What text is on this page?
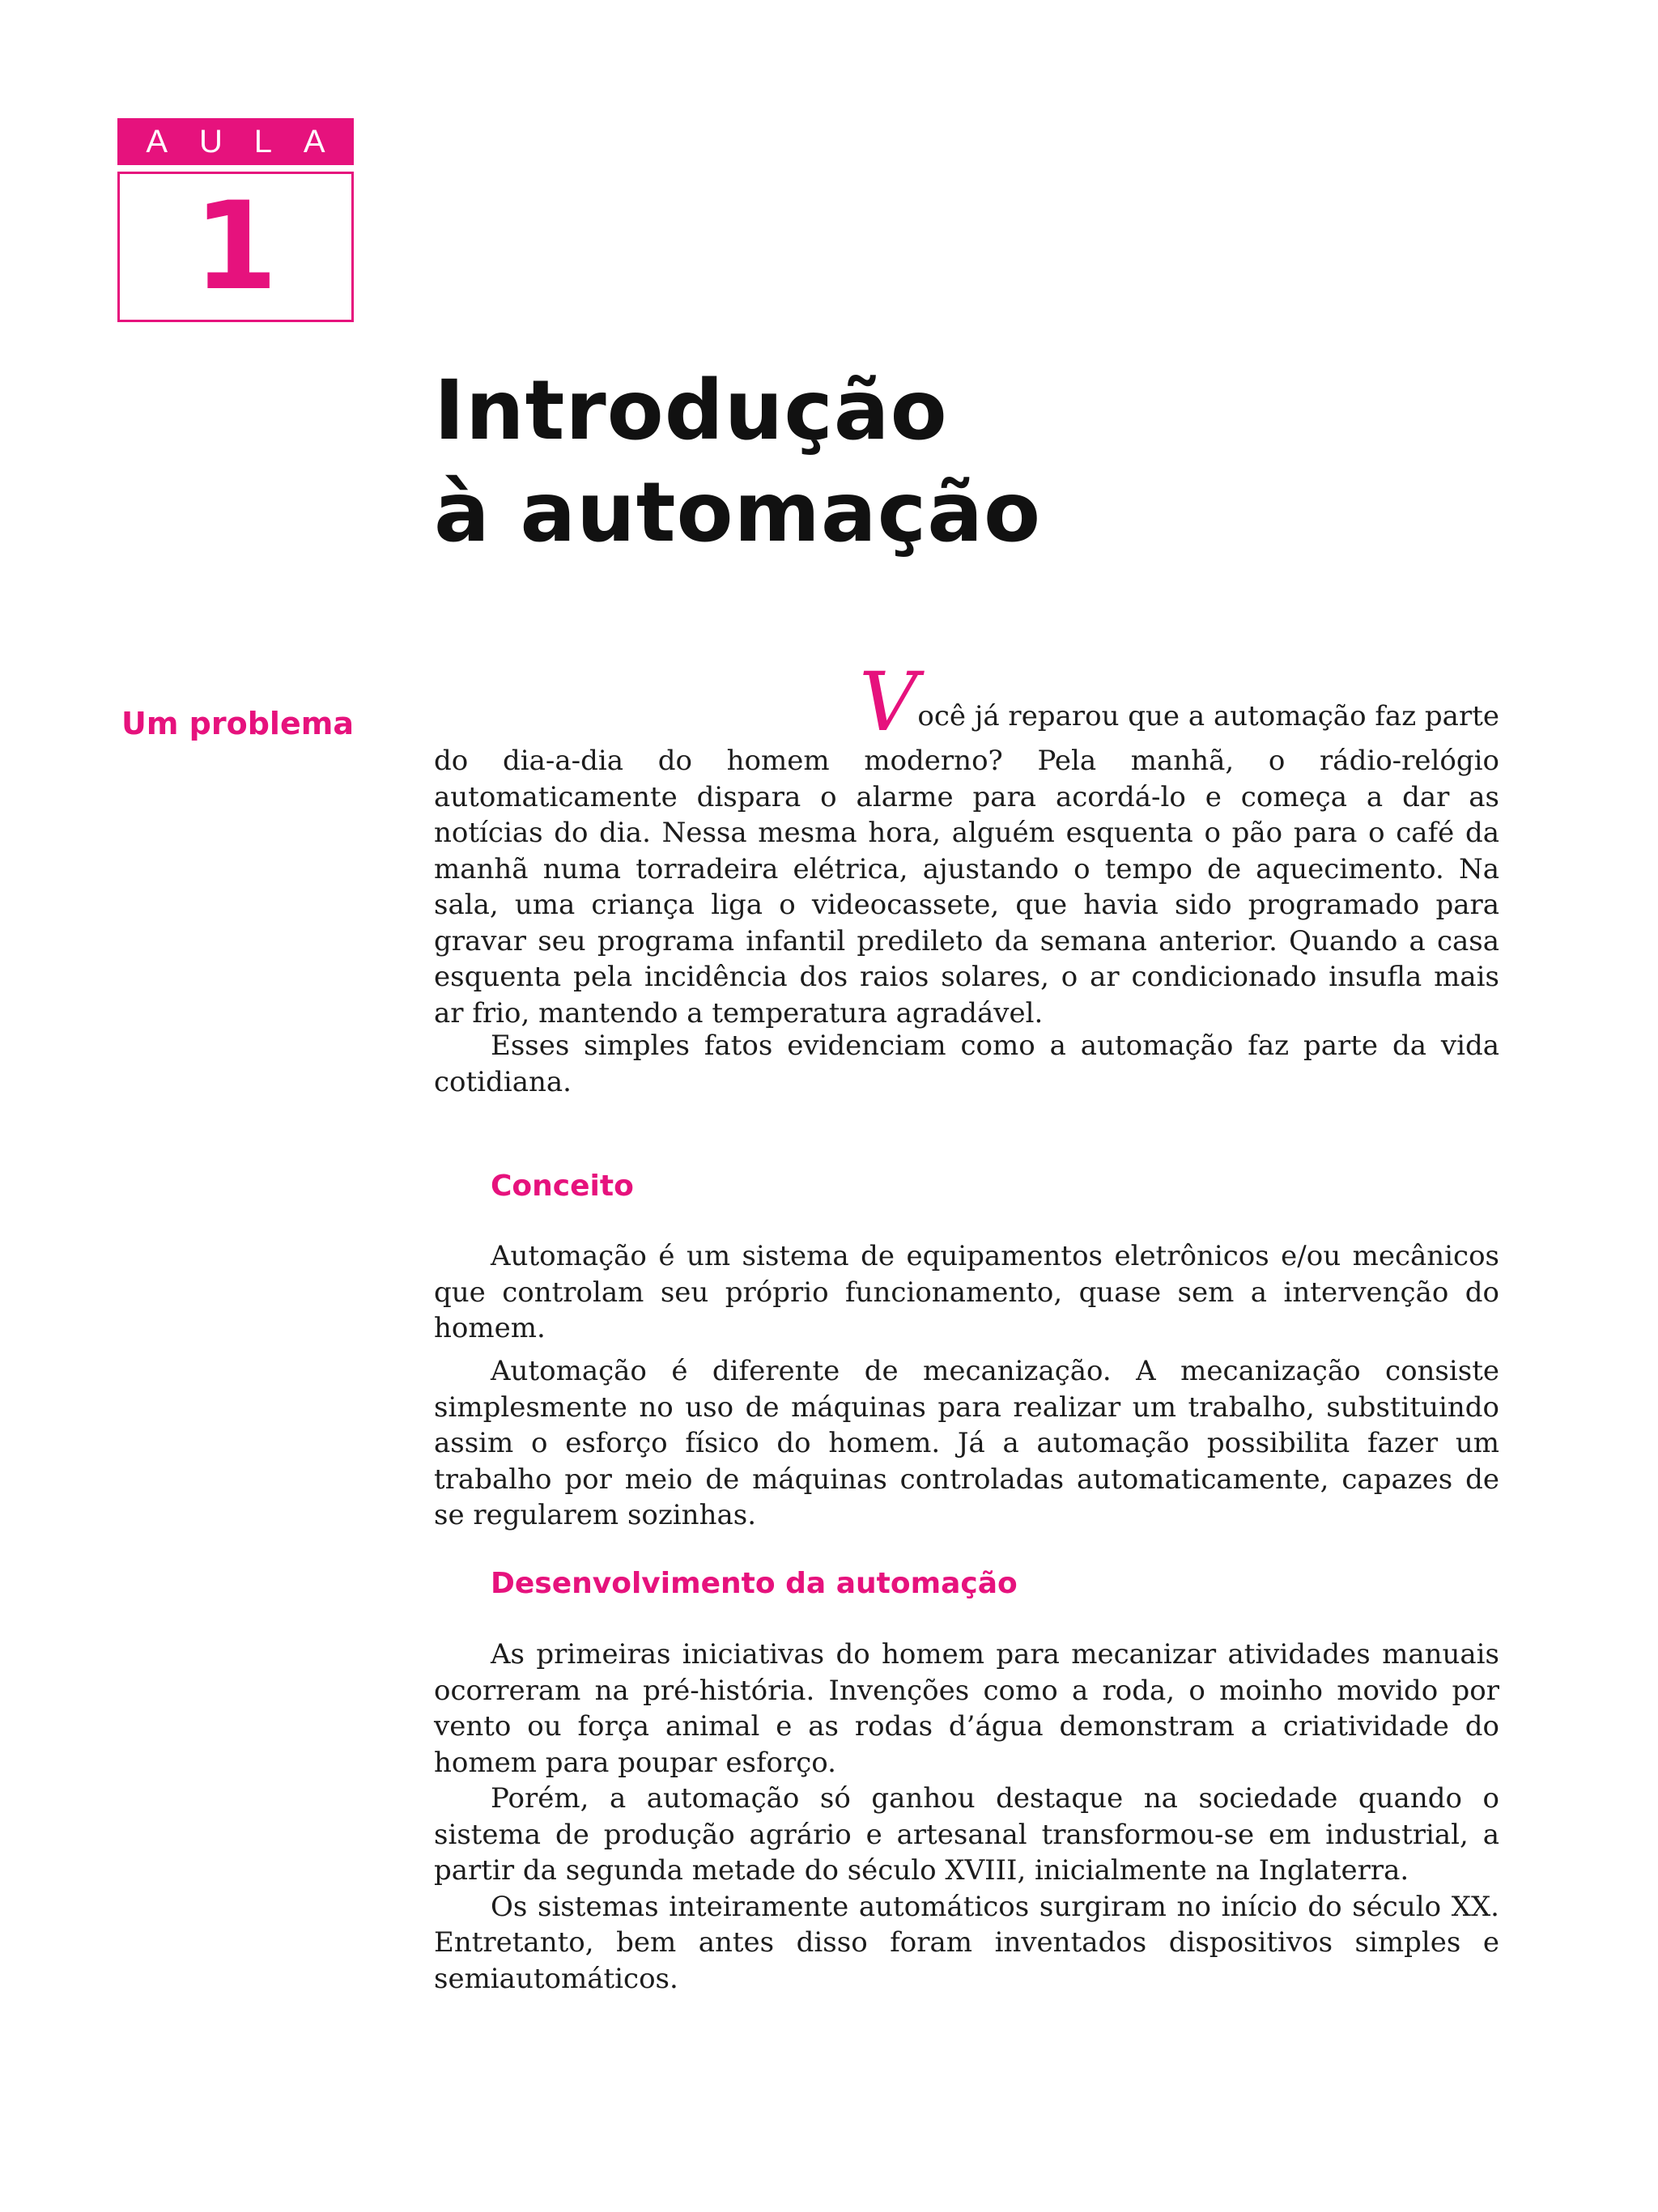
A U L A
1
Introdução
à automação
Um problema	Você já reparou que a automação faz parte

do dia-a-dia do homem moderno? Pela manhã, o rádio-relógio automaticamente dispara o alarme para acordá-lo e começa a dar as notícias do dia. Nessa mesma hora, alguém esquenta o pão para o café da manhã numa torradeira elétrica, ajustando o tempo de aquecimento. Na sala, uma criança liga o videocassete, que havia sido programado para gravar seu programa infantil predileto da semana anterior. Quando a casa esquenta pela incidência dos raios solares, o ar condicionado insufla mais ar frio, mantendo a temperatura agradável.

Esses simples fatos evidenciam como a automação faz parte da vida cotidiana.

Conceito

Automação é um sistema de equipamentos eletrônicos e/ou mecânicos que controlam seu próprio funcionamento, quase sem a intervenção do homem.

Automação é diferente de mecanização. A mecanização consiste simplesmente no uso de máquinas para realizar um trabalho, substituindo assim o esforço físico do homem. Já a automação possibilita fazer um trabalho por meio de máquinas controladas automaticamente, capazes de se regularem sozinhas.

Desenvolvimento da automação

As primeiras iniciativas do homem para mecanizar atividades manuais ocorreram na pré-história. Invenções como a roda, o moinho movido por vento ou força animal e as rodas d’água demonstram a criatividade do homem para poupar esforço.

Porém, a automação só ganhou destaque na sociedade quando o sistema de produção agrário e artesanal transformou-se em industrial, a partir da segunda metade do século XVIII, inicialmente na Inglaterra.

Os sistemas inteiramente automáticos surgiram no início do século XX. Entretanto, bem antes disso foram inventados dispositivos simples e semiautomáticos.
